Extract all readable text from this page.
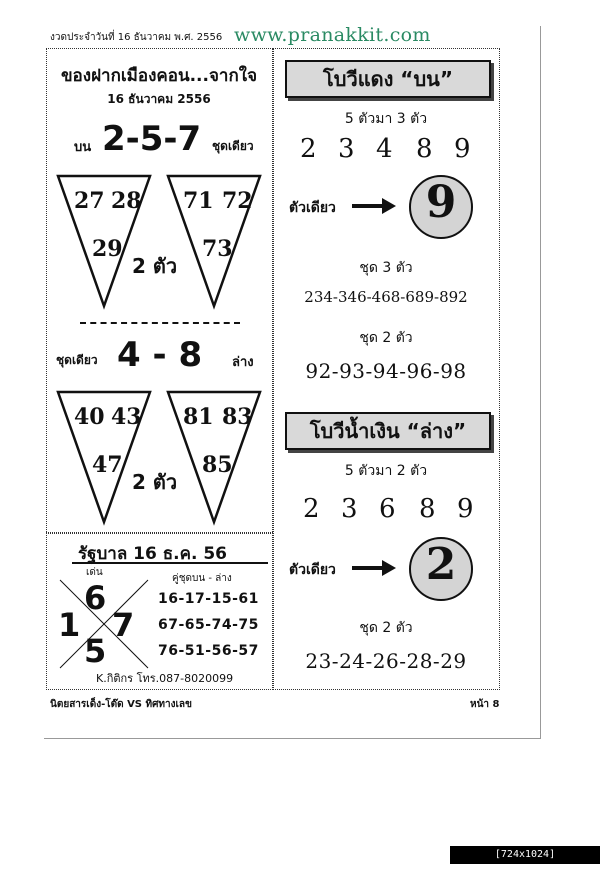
งวดประจำวันที่ 16 ธันวาคม พ.ศ. 2556 www.pranakkit.com
ของฝากเมืองคอน...จากใจ
16 ธันวาคม 2556
บน 2-5-7 ชุดเดียว
27 28
29
71 72
73
2 ตัว
ชุดเดียว 4 - 8 ล่าง
40 43
47
81 83
85
2 ตัว
รัฐบาล 16 ธ.ค. 56
เด่น
คู่ชุดบน - ล่าง
6
1 7
5
16-17-15-61
67-65-74-75
76-51-56-57
K.กิติกร โทร.087-8020099
โบวีแดง “บน”
5 ตัวมา 3 ตัว
2 3 4 8 9
ตัวเดียว	9
ชุด 3 ตัว
234-346-468-689-892
ชุด 2 ตัว
92-93-94-96-98
โบวีน้ำเงิน “ล่าง”
5 ตัวมา 2 ตัว
2 3 6 8 9
ตัวเดียว	2
ชุด 2 ตัว
23-24-26-28-29
นิตยสารเด็ง-โต๊ด VS ทิศทางเลข	หน้า 8
[724x1024] http://upic.me/
